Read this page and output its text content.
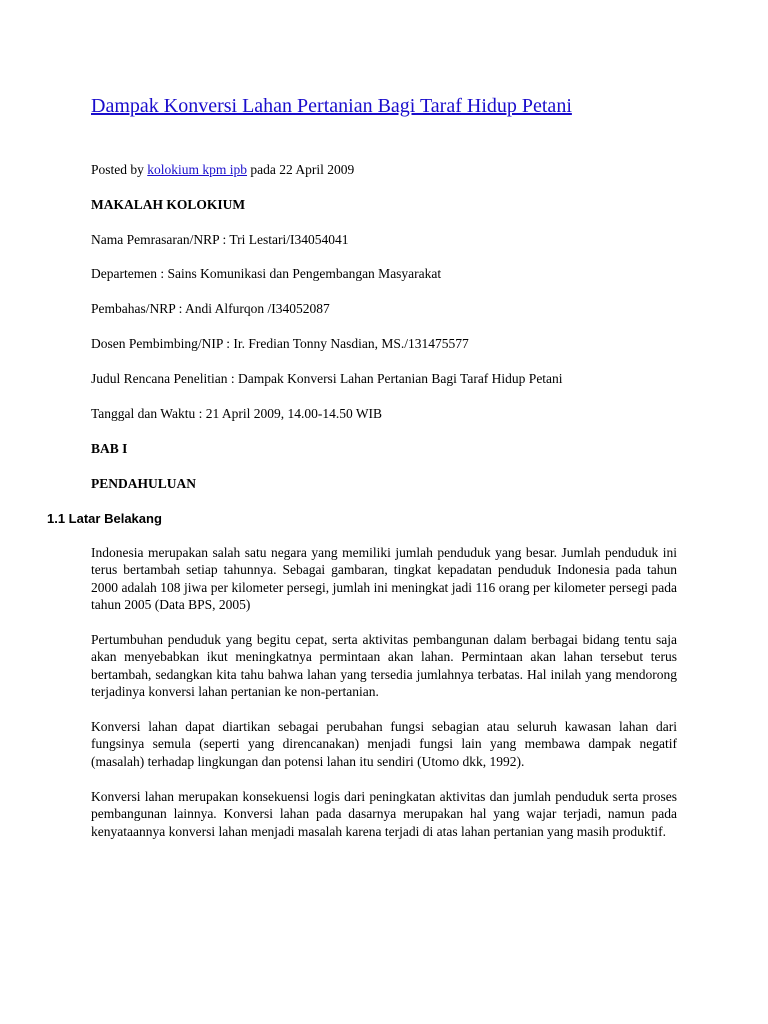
Dampak Konversi Lahan Pertanian Bagi Taraf Hidup Petani

Posted by kolokium kpm ipb pada 22 April 2009

MAKALAH KOLOKIUM

Nama Pemrasaran/NRP : Tri Lestari/I34054041

Departemen : Sains Komunikasi dan Pengembangan Masyarakat

Pembahas/NRP : Andi Alfurqon /I34052087

Dosen Pembimbing/NIP : Ir. Fredian Tonny Nasdian, MS./131475577

Judul Rencana Penelitian : Dampak Konversi Lahan Pertanian Bagi Taraf Hidup Petani

Tanggal dan Waktu : 21 April 2009, 14.00-14.50 WIB

BAB I

PENDAHULUAN

1.1 Latar Belakang

Indonesia merupakan salah satu negara yang memiliki jumlah penduduk yang besar. Jumlah penduduk ini terus bertambah setiap tahunnya. Sebagai gambaran, tingkat kepadatan penduduk Indonesia pada tahun 2000 adalah 108 jiwa per kilometer persegi, jumlah ini meningkat jadi 116 orang per kilometer persegi pada tahun 2005 (Data BPS, 2005)

Pertumbuhan penduduk yang begitu cepat, serta aktivitas pembangunan dalam berbagai bidang tentu saja akan menyebabkan ikut meningkatnya permintaan akan lahan. Permintaan akan lahan tersebut terus bertambah, sedangkan kita tahu bahwa lahan yang tersedia jumlahnya terbatas. Hal inilah yang mendorong terjadinya konversi lahan pertanian ke non-pertanian.

Konversi lahan dapat diartikan sebagai perubahan fungsi sebagian atau seluruh kawasan lahan dari fungsinya semula (seperti yang direncanakan) menjadi fungsi lain yang membawa dampak negatif (masalah) terhadap lingkungan dan potensi lahan itu sendiri (Utomo dkk, 1992).

Konversi lahan merupakan konsekuensi logis dari peningkatan aktivitas dan jumlah penduduk serta proses pembangunan lainnya. Konversi lahan pada dasarnya merupakan hal yang wajar terjadi, namun pada kenyataannya konversi lahan menjadi masalah karena terjadi di atas lahan pertanian yang masih produktif.
